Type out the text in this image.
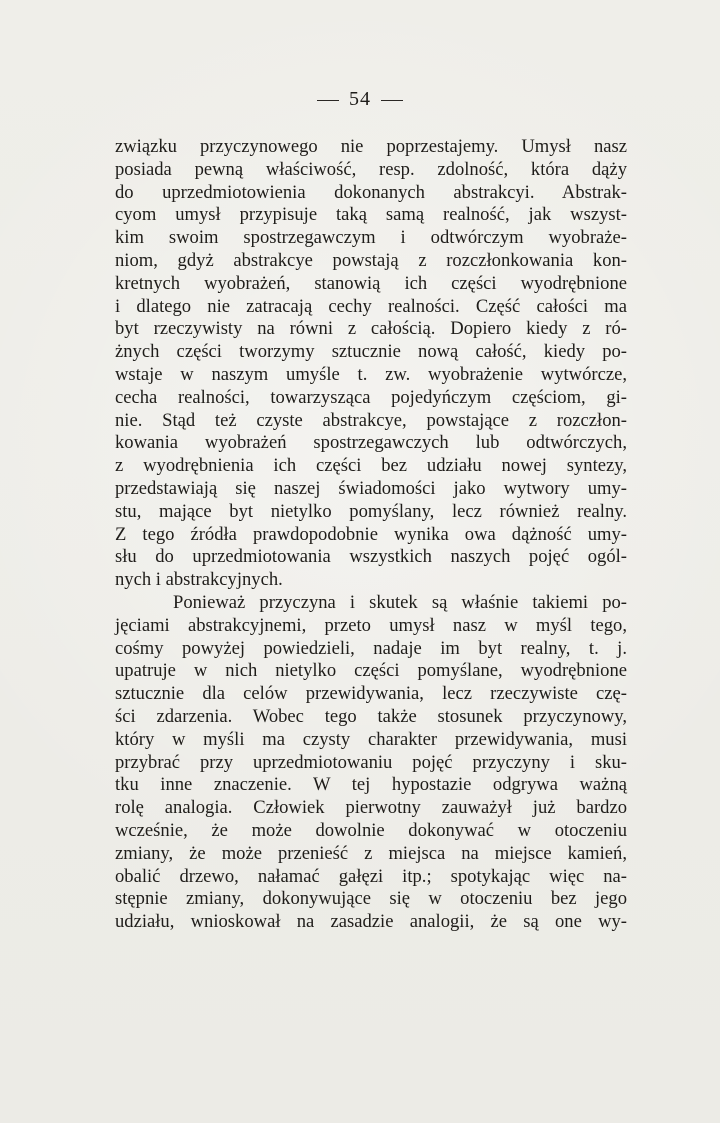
54
związku przyczynowego nie poprzestajemy. Umysł nasz
posiada pewną właściwość, resp. zdolność, która dąży
do uprzedmiotowienia dokonanych abstrakcyi. Abstrak-
cyom umysł przypisuje taką samą realność, jak wszyst-
kim swoim spostrzegawczym i odtwórczym wyobraże-
niom, gdyż abstrakcye powstają z rozczłonkowania kon-
kretnych wyobrażeń, stanowią ich części wyodrębnione
i dlatego nie zatracają cechy realności. Część całości ma
byt rzeczywisty na równi z całością. Dopiero kiedy z ró-
żnych części tworzymy sztucznie nową całość, kiedy po-
wstaje w naszym umyśle t. zw. wyobrażenie wytwórcze,
cecha realności, towarzysząca pojedyńczym częściom, gi-
nie. Stąd też czyste abstrakcye, powstające z rozczłon-
kowania wyobrażeń spostrzegawczych lub odtwórczych,
z wyodrębnienia ich części bez udziału nowej syntezy,
przedstawiają się naszej świadomości jako wytwory umy-
stu, mające byt nietylko pomyślany, lecz również realny.
Z tego źródła prawdopodobnie wynika owa dążność umy-
słu do uprzedmiotowania wszystkich naszych pojęć ogól-
nych i abstrakcyjnych.
Ponieważ przyczyna i skutek są właśnie takiemi po-
jęciami abstrakcyjnemi, przeto umysł nasz w myśl tego,
cośmy powyżej powiedzieli, nadaje im byt realny, t. j.
upatruje w nich nietylko części pomyślane, wyodrębnione
sztucznie dla celów przewidywania, lecz rzeczywiste czę-
ści zdarzenia. Wobec tego także stosunek przyczynowy,
który w myśli ma czysty charakter przewidywania, musi
przybrać przy uprzedmiotowaniu pojęć przyczyny i sku-
tku inne znaczenie. W tej hypostazie odgrywa ważną
rolę analogia. Człowiek pierwotny zauważył już bardzo
wcześnie, że może dowolnie dokonywać w otoczeniu
zmiany, że może przenieść z miejsca na miejsce kamień,
obalić drzewo, nałamać gałęzi itp.; spotykając więc na-
stępnie zmiany, dokonywujące się w otoczeniu bez jego
udziału, wnioskował na zasadzie analogii, że są one wy-
